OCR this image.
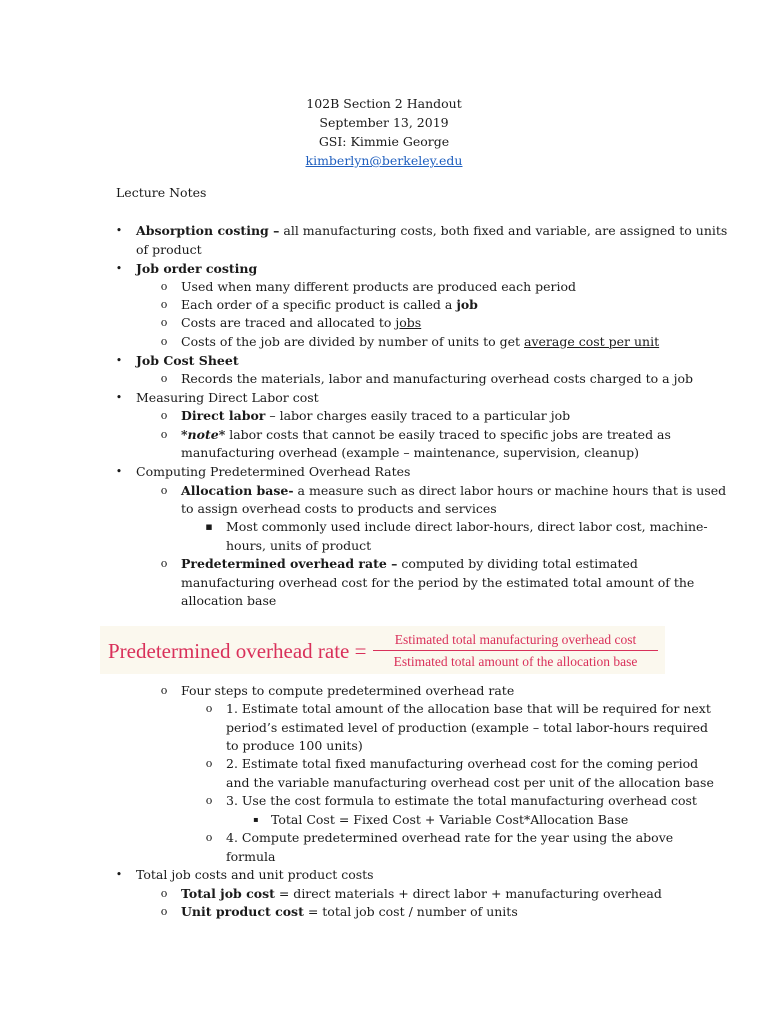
102B Section 2 Handout
September 13, 2019
GSI: Kimmie George
kimberlyn@berkeley.edu
Lecture Notes
•	Absorption costing – all manufacturing costs, both fixed and variable, are assigned to units
of product
•	Job order costing
o Used when many different products are produced each period
o Each order of a specific product is called a job
o Costs are traced and allocated to jobs
o Costs of the job are divided by number of units to get average cost per unit
•	Job Cost Sheet
o Records the materials, labor and manufacturing overhead costs charged to a job
•	Measuring Direct Labor cost
o Direct labor – labor charges easily traced to a particular job
o *note* labor costs that cannot be easily traced to specific jobs are treated as
manufacturing overhead (example – maintenance, supervision, cleanup)
•	Computing Predetermined Overhead Rates
o Allocation base- a measure such as direct labor hours or machine hours that is used
to assign overhead costs to products and services
▪ Most commonly used include direct labor-hours, direct labor cost, machine-
hours, units of product
o Predetermined overhead rate – computed by dividing total estimated
manufacturing overhead cost for the period by the estimated total amount of the
allocation base
Predetermined overhead rate =	Estimated total manufacturing overhead cost
Estimated total amount of the allocation base
o Four steps to compute predetermined overhead rate
o 1. Estimate total amount of the allocation base that will be required for next
period’s estimated level of production (example – total labor-hours required
to produce 100 units)
o 2. Estimate total fixed manufacturing overhead cost for the coming period
and the variable manufacturing overhead cost per unit of the allocation base
o 3. Use the cost formula to estimate the total manufacturing overhead cost
▪ Total Cost = Fixed Cost + Variable Cost*Allocation Base
o 4. Compute predetermined overhead rate for the year using the above
formula
•	Total job costs and unit product costs
o Total job cost = direct materials + direct labor + manufacturing overhead
o Unit product cost = total job cost / number of units
